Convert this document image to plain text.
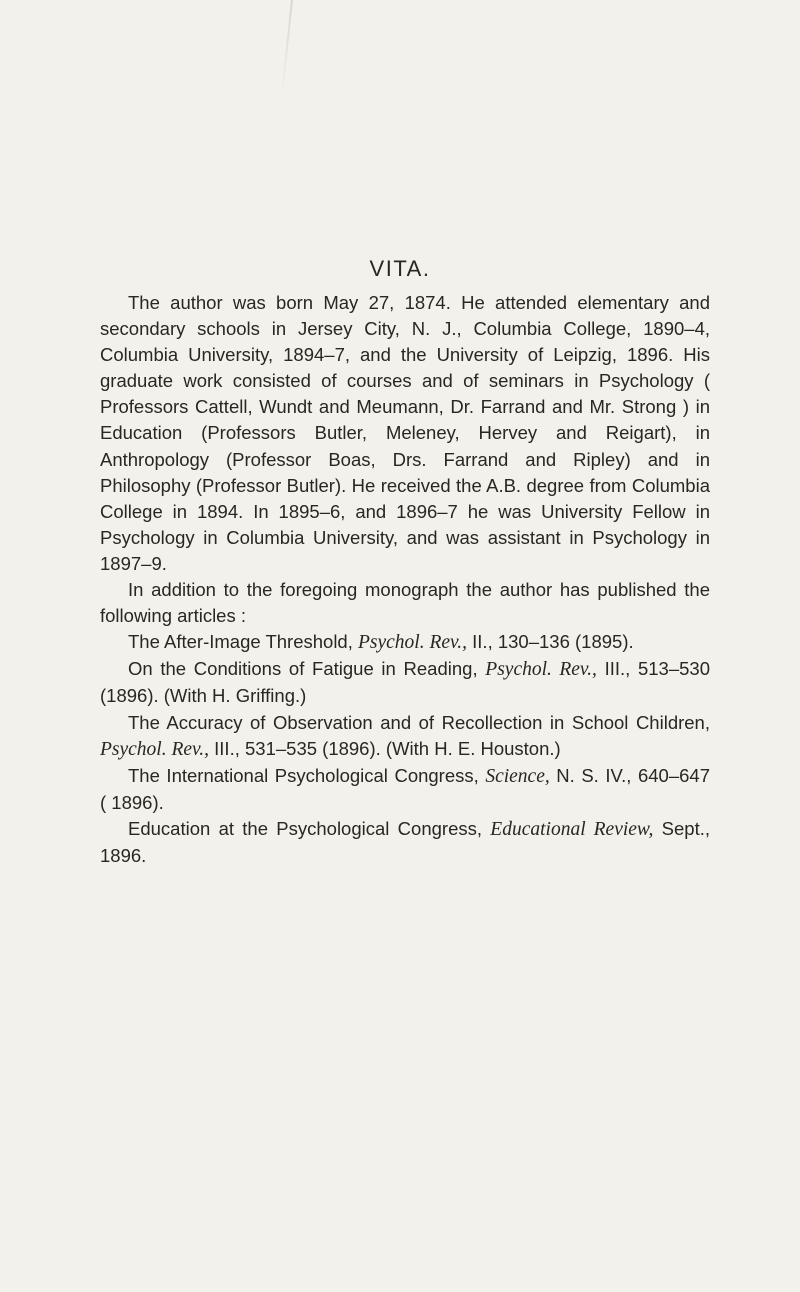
VITA.

The author was born May 27, 1874. He attended elementary and secondary schools in Jersey City, N. J., Columbia College, 1890–4, Columbia University, 1894–7, and the University of Leipzig, 1896. His graduate work consisted of courses and of seminars in Psychology ( Professors Cattell, Wundt and Meumann, Dr. Farrand and Mr. Strong ) in Education (Professors Butler, Meleney, Hervey and Reigart), in Anthropology (Professor Boas, Drs. Farrand and Ripley) and in Philosophy (Professor Butler). He received the A.B. degree from Columbia College in 1894. In 1895–6, and 1896–7 he was University Fellow in Psychology in Columbia University, and was assistant in Psychology in 1897–9.

In addition to the foregoing monograph the author has published the following articles :

The After-Image Threshold, Psychol. Rev., II., 130–136 (1895).

On the Conditions of Fatigue in Reading, Psychol. Rev., III., 513–530 (1896). (With H. Griffing.)

The Accuracy of Observation and of Recollection in School Children, Psychol. Rev., III., 531–535 (1896). (With H. E. Houston.)

The International Psychological Congress, Science, N. S. IV., 640–647 ( 1896).

Education at the Psychological Congress, Educational Review, Sept., 1896.
